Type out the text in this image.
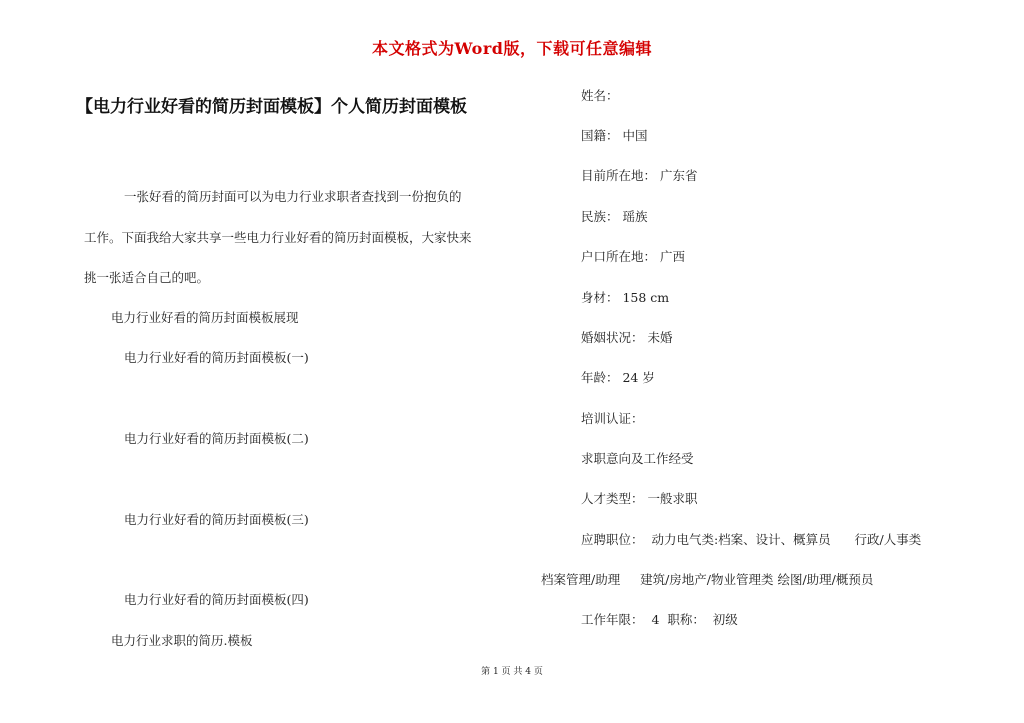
本文格式为Word版，下载可任意编辑
【电力行业好看的简历封面模板】个人简历封面模板
一张好看的简历封面可以为电力行业求职者查找到一份抱负的
工作。下面我给大家共享一些电力行业好看的简历封面模板，大家快来
挑一张适合自己的吧。
电力行业好看的简历封面模板展现
电力行业好看的简历封面模板(一)
电力行业好看的简历封面模板(二)
电力行业好看的简历封面模板(三)
电力行业好看的简历封面模板(四)
电力行业求职的简历.模板
姓名：
国籍： 中国
目前所在地： 广东省
民族： 瑶族
户口所在地： 广西
身材： 158 cm
婚姻状况： 未婚
年龄： 24 岁
培训认证：
求职意向及工作经受
人才类型： 一般求职
应聘职位：  动力电气类:档案、设计、概算员      行政/人事类
档案管理/助理     建筑/房地产/物业管理类 绘图/助理/概预员
工作年限：  4  职称：  初级
第 1 页 共 4 页
